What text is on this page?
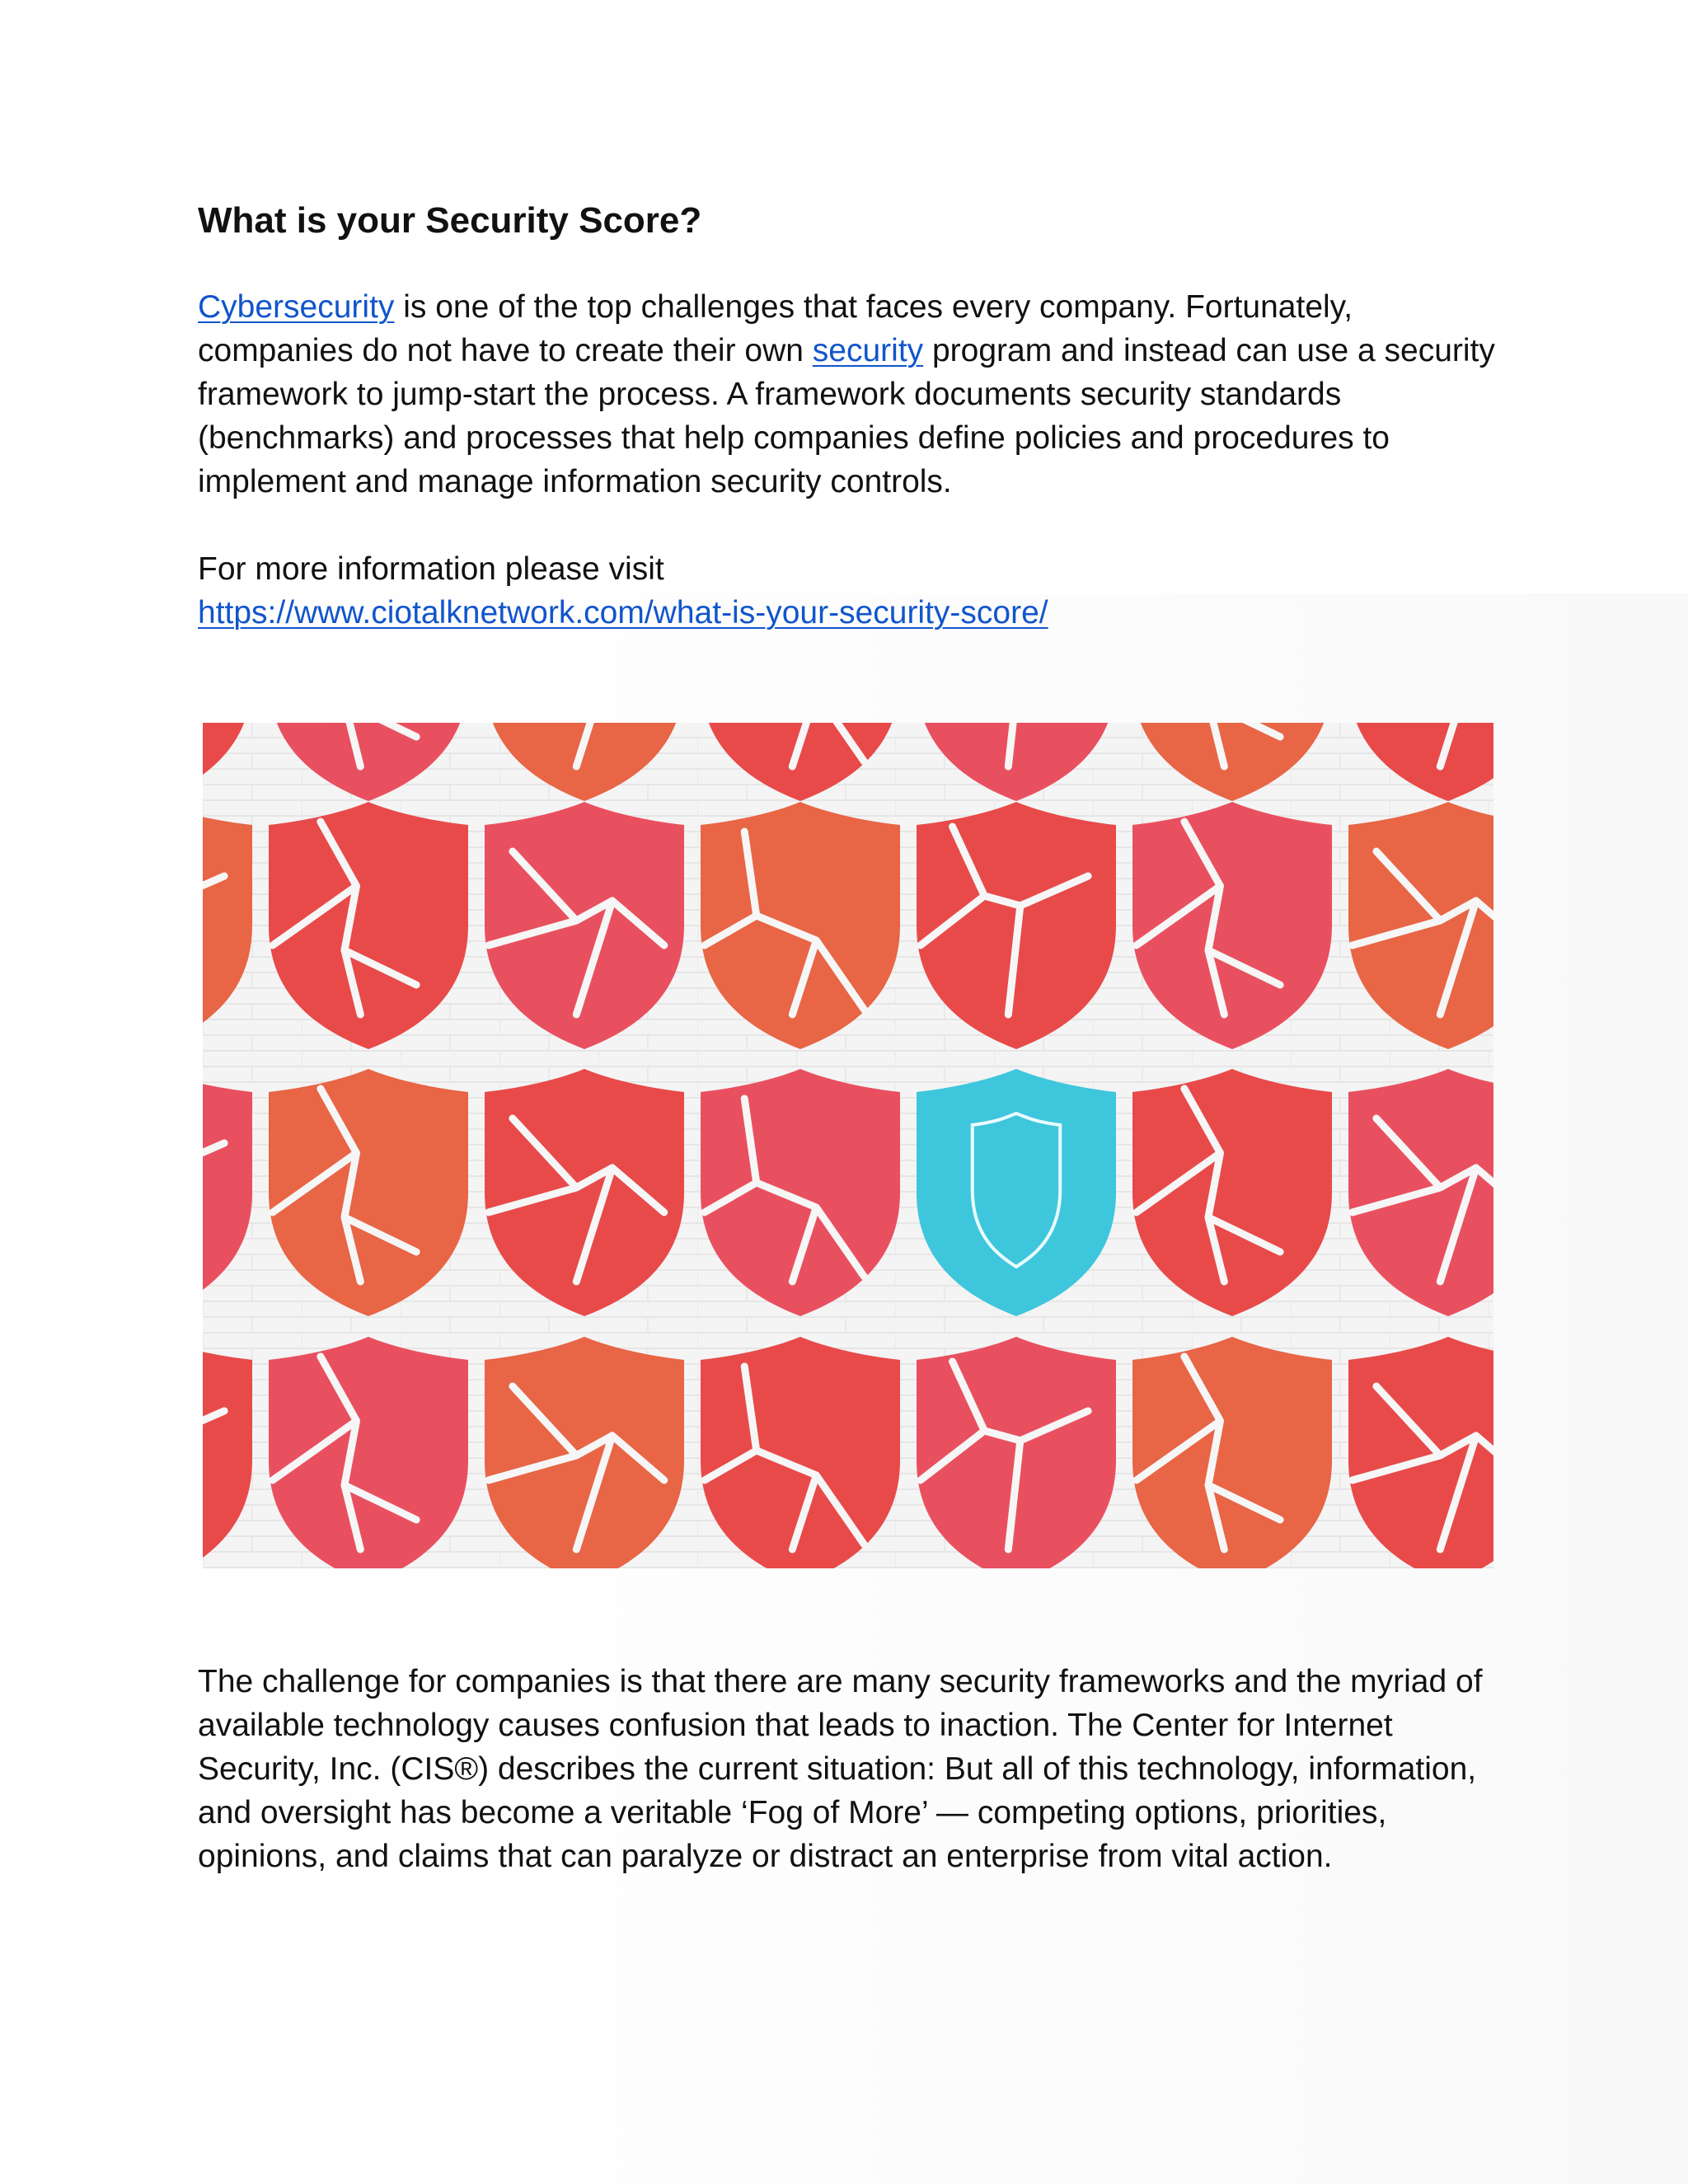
What is your Security Score?

Cybersecurity is one of the top challenges that faces every company. Fortunately, companies do not have to create their own security program and instead can use a security framework to jump-start the process. A framework documents security standards (benchmarks) and processes that help companies define policies and procedures to implement and manage information security controls.

For more information please visit
https://www.ciotalknetwork.com/what-is-your-security-score/

The challenge for companies is that there are many security frameworks and the myriad of available technology causes confusion that leads to inaction. The Center for Internet Security, Inc. (CIS®) describes the current situation: But all of this technology, information, and oversight has become a veritable ‘Fog of More’ — competing options, priorities, opinions, and claims that can paralyze or distract an enterprise from vital action.
